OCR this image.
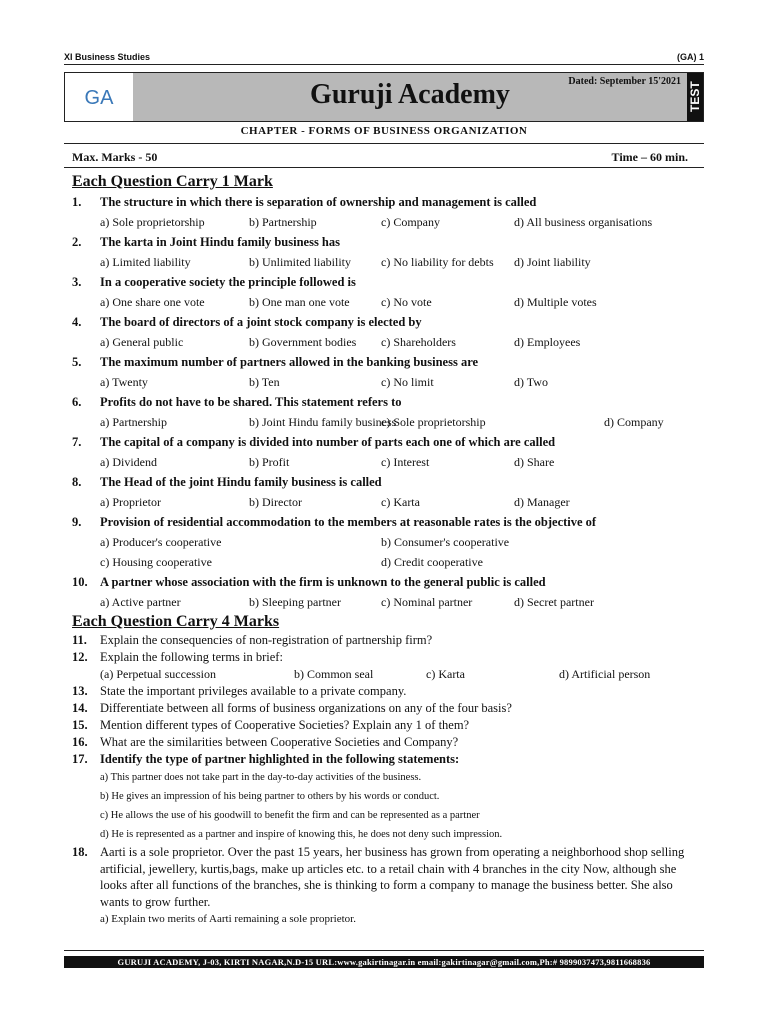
XI Business Studies	(GA) 1
GA	Guruji Academy	Dated: September 15'2021
TEST
CHAPTER - FORMS OF BUSINESS ORGANIZATION
Max. Marks - 50	Time – 60 min.
Each Question Carry 1 Mark
1. The structure in which there is separation of ownership and management is called
a) Sole proprietorship	b) Partnership	c) Company	d) All business organisations
2. The karta in Joint Hindu family business has
a) Limited liability	b) Unlimited liability	c) No liability for debts d) Joint liability
3. In a cooperative society the principle followed is
a) One share one vote	b) One man one vote	c) No vote	d) Multiple votes
4. The board of directors of a joint stock company is elected by
a) General public	b) Government bodies c) Shareholders	d) Employees
5. The maximum number of partners allowed in the banking business are
a) Twenty	b) Ten	c) No limit	d) Two
6. Profits do not have to be shared. This statement refers to
a) Partnership	b) Joint Hindu family business
c) Sole proprietorship	d) Company
7. The capital of a company is divided into number of parts each one of which are called
a) Dividend	b) Profit	c) Interest	d) Share
8. The Head of the joint Hindu family business is called
a) Proprietor	b) Director	c) Karta	d) Manager
9. Provision of residential accommodation to the members at reasonable rates is the objective of
a) Producer's cooperative	b) Consumer's cooperative
c) Housing cooperative	d) Credit cooperative
10. A partner whose association with the firm is unknown to the general public is called
a) Active partner	b) Sleeping partner	c) Nominal partner	d) Secret partner
Each Question Carry 4 Marks
11. Explain the consequencies of non-registration of partnership firm?
12. Explain the following terms in brief:
(a) Perpetual succession	b) Common seal	c) Karta	d) Artificial person
13. State the important privileges available to a private company.
14. Differentiate between all forms of business organizations on any of the four basis?
15. Mention different types of Cooperative Societies? Explain any 1 of them?
16. What are the similarities between Cooperative Societies and Company?
17. Identify the type of partner highlighted in the following statements:
a) This partner does not take part in the day-to-day activities of the business.
b) He gives an impression of his being partner to others by his words or conduct.
c) He allows the use of his goodwill to benefit the firm and can be represented as a partner
d) He is represented as a partner and inspire of knowing this, he does not deny such impression.
18. Aarti is a sole proprietor. Over the past 15 years, her business has grown from operating a neighborhood shop selling artificial, jewellery, kurtis,bags, make up articles etc. to a retail chain with 4 branches in the city Now, although she looks after all functions of the branches, she is thinking to form a company to manage the business better. She also wants to grow further.
a) Explain two merits of Aarti remaining a sole proprietor.
GURUJI ACADEMY, J-03, KIRTI NAGAR,N.D-15 URL:www.gakirtinagar.in email:gakirtinagar@gmail.com,Ph:# 9899037473,9811668836
